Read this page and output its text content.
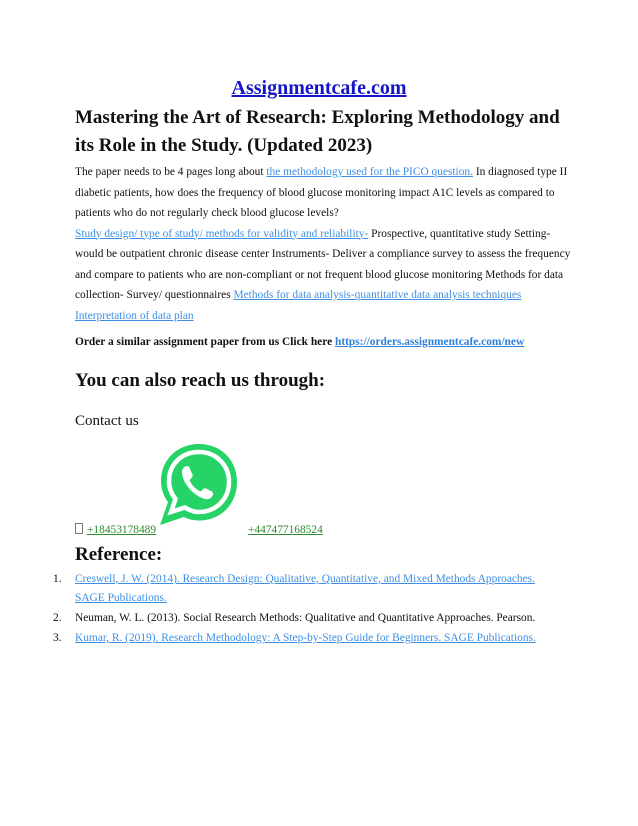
Assignmentcafe.com
Mastering the Art of Research: Exploring Methodology and its Role in the Study. (Updated 2023)

The paper needs to be 4 pages long about the methodology used for the PICO question. In diagnosed type II diabetic patients, how does the frequency of blood glucose monitoring impact A1C levels as compared to patients who do not regularly check blood glucose levels?
Study design/ type of study/ methods for validity and reliability- Prospective, quantitative study Setting- would be outpatient chronic disease center Instruments- Deliver a compliance survey to assess the frequency and compare to patients who are non-compliant or not frequent blood glucose monitoring Methods for data collection- Survey/ questionnaires Methods for data analysis-quantitative data analysis techniques
Interpretation of data plan

Order a similar assignment paper from us Click here https://orders.assignmentcafe.com/new

You can also reach us through:

Contact us

+18453178489	+447477168524
Reference:
1. Creswell, J. W. (2014). Research Design: Qualitative, Quantitative, and Mixed Methods Approaches. SAGE Publications.
2. Neuman, W. L. (2013). Social Research Methods: Qualitative and Quantitative Approaches. Pearson.
3. Kumar, R. (2019). Research Methodology: A Step-by-Step Guide for Beginners. SAGE Publications.
